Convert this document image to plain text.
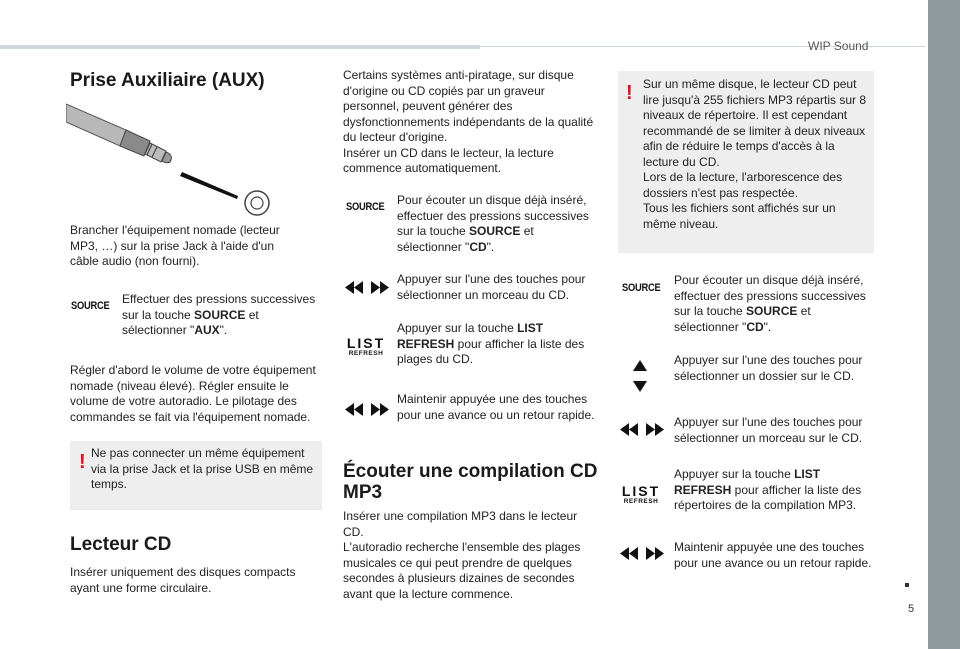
WIP Sound
5
Prise Auxiliaire (AUX)
Brancher l'équipement nomade (lecteur MP3, …) sur la prise Jack à l'aide d'un câble audio (non fourni).
SOURCE Effectuer des pressions successives sur la touche SOURCE et sélectionner "AUX".
Régler d'abord le volume de votre équipement nomade (niveau élevé). Régler ensuite le volume de votre autoradio. Le pilotage des commandes se fait via l'équipement nomade.
! Ne pas connecter un même équipement via la prise Jack et la prise USB en même temps.
Lecteur CD
Insérer uniquement des disques compacts ayant une forme circulaire.
Certains systèmes anti-piratage, sur disque d'origine ou CD copiés par un graveur personnel, peuvent générer des dysfonctionnements indépendants de la qualité du lecteur d'origine.
Insérer un CD dans le lecteur, la lecture commence automatiquement.
SOURCE Pour écouter un disque déjà inséré, effectuer des pressions successives sur la touche SOURCE et sélectionner "CD".
Appuyer sur l'une des touches pour sélectionner un morceau du CD.
LIST
REFRESH
Appuyer sur la touche LIST REFRESH pour afficher la liste des plages du CD.
Maintenir appuyée une des touches pour une avance ou un retour rapide.
Écouter une compilation CD MP3
Insérer une compilation MP3 dans le lecteur CD.
L'autoradio recherche l'ensemble des plages musicales ce qui peut prendre de quelques secondes à plusieurs dizaines de secondes avant que la lecture commence.
! Sur un même disque, le lecteur CD peut lire jusqu'à 255 fichiers MP3 répartis sur 8 niveaux de répertoire. Il est cependant recommandé de se limiter à deux niveaux afin de réduire le temps d'accès à la lecture du CD.
Lors de la lecture, l'arborescence des dossiers n'est pas respectée.
Tous les fichiers sont affichés sur un même niveau.
SOURCE
Pour écouter un disque déjà inséré, effectuer des pressions successives sur la touche SOURCE et sélectionner "CD".
Appuyer sur l'une des touches pour sélectionner un dossier sur le CD.
Appuyer sur l'une des touches pour sélectionner un morceau sur le CD.
LIST
REFRESH
Appuyer sur la touche LIST REFRESH pour afficher la liste des répertoires de la compilation MP3.
Maintenir appuyée une des touches pour une avance ou un retour rapide.
